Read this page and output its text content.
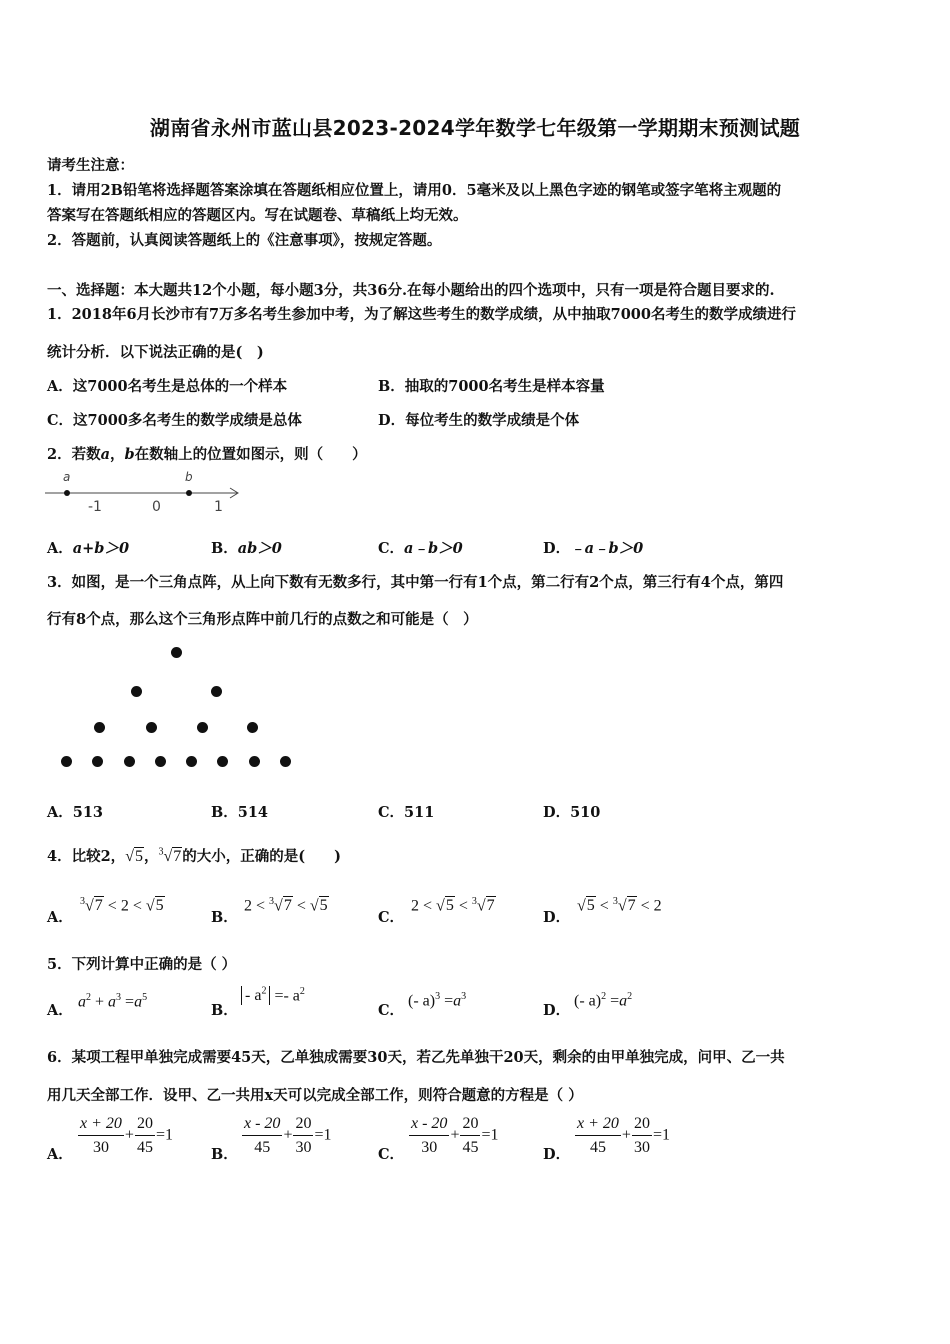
湖南省永州市蓝山县2023-2024学年数学七年级第一学期期末预测试题
请考生注意：
1．请用2B铅笔将选择题答案涂填在答题纸相应位置上，请用0．5毫米及以上黑色字迹的钢笔或签字笔将主观题的
答案写在答题纸相应的答题区内。写在试题卷、草稿纸上均无效。
2．答题前，认真阅读答题纸上的《注意事项》，按规定答题。
一、选择题：本大题共12个小题，每小题3分，共36分.在每小题给出的四个选项中，只有一项是符合题目要求的.
1．2018年6月长沙市有7万多名考生参加中考，为了解这些考生的数学成绩，从中抽取7000名考生的数学成绩进行
统计分析．以下说法正确的是(　)
A．这7000名考生是总体的一个样本	B．抽取的7000名考生是样本容量
C．这7000多名考生的数学成绩是总体	D．每位考生的数学成绩是个体
2．若数a，b在数轴上的位置如图示，则（　　）
a	b
-1	0	1
A．a+b＞0	B．ab＞0	C．a﹣b＞0	D．﹣a﹣b＞0
3．如图，是一个三角点阵，从上向下数有无数多行，其中第一行有1个点，第二行有2个点，第三行有4个点，第四
行有8个点，那么这个三角形点阵中前几行的点数之和可能是（　）
A．513	B．514	C．511	D．510
4．比较2，√5，$^3$√7的大小，正确的是(　　)
A．
$^3$√7 < 2 < √5
B．
2 < $^3$√7 < √5
C．
2 < √5 < $^3$√7
D．
√5 < $^3$√7 < 2
5．下列计算中正确的是（ ）
A．
$a^2 + a^3 =a^5$
B．
- $a^2 =- a^2$
C．
(- $a)^3 =a^3$
D．
(- $a)^2 =a^2$
6．某项工程甲单独完成需要45天，乙单独成需要30天，若乙先单独干20天，剩余的由甲单独完成，问甲、乙一共
用几天全部工作．设甲、乙一共用x天可以完成全部工作，则符合题意的方程是（ ）
A． $\frac{x + 20}{30} + \frac{20}{45} =1$
B． $\frac{x - 20}{45} + \frac{20}{30} =1$
C． $\frac{x - 20}{30} + \frac{20}{45} =1$
D． $\frac{x + 20}{45} + \frac{20}{30} =1$
